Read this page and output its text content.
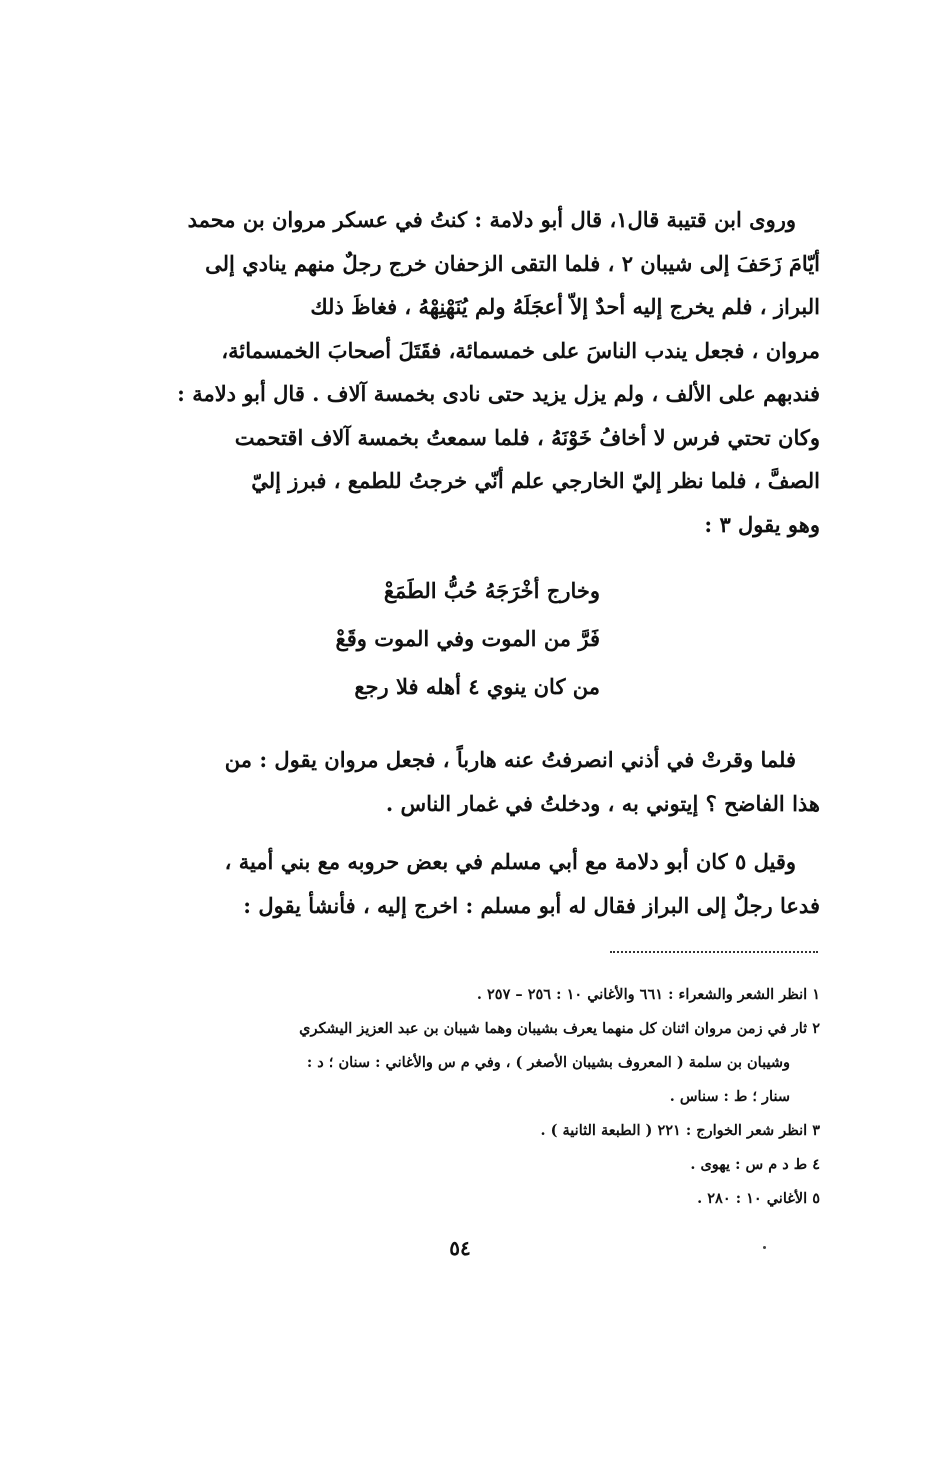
وروى ابن قتيبة قال١، قال أبو دلامة : كنتُ في عسكر مروان بن محمد
أيّامَ زَحَفَ إلى شيبان ٢ ، فلما التقى الزحفان خرج رجلٌ منهم ينادي إلى
البراز ، فلم يخرج إليه أحدٌ إلاّ أعجَلَهُ ولم يُنَهْنِهْهُ ، فغاظَ ذلك
مروان ، فجعل يندب الناسَ على خمسمائة، فقَتَلَ أصحابَ الخمسمائة،
فندبهم على الألف ، ولم يزل يزيد حتى نادى بخمسة آلاف . قال أبو دلامة :
وكان تحتي فرس لا أخافُ خَوْنَهُ ، فلما سمعتُ بخمسة آلاف اقتحمت
الصفَّ ، فلما نظر إليّ الخارجي علم أنّي خرجتُ للطمع ، فبرز إليّ
وهو يقول ٣ :
وخارج أخْرَجَهُ حُبُّ الطَمَعْ
فَرَّ من الموت وفي الموت وقَعْ
من كان ينوي ٤ أهله فلا رجع
فلما وقرتْ في أذني انصرفتُ عنه هارباً ، فجعل مروان يقول : من
هذا الفاضح ؟ إيتوني به ، ودخلتُ في غمار الناس .
وقيل ٥ كان أبو دلامة مع أبي مسلم في بعض حروبه مع بني أمية ،
فدعا رجلٌ إلى البراز فقال له أبو مسلم : اخرج إليه ، فأنشأ يقول :
١ انظر الشعر والشعراء : ٦٦١ والأغاني ١٠ : ٢٥٦ – ٢٥٧ .
٢ ثار في زمن مروان اثنان كل منهما يعرف بشيبان وهما شيبان بن عبد العزيز اليشكري
وشيبان بن سلمة ( المعروف بشيبان الأصغر ) ، وفي م س والأغاني : سنان ؛ د :
سنار ؛ ط : سناس .
٣ انظر شعر الخوارج : ٢٢١ ( الطبعة الثانية ) .
٤ ط د م س : يهوى .
٥ الأغاني ١٠ : ٢٨٠ .
٥٤
